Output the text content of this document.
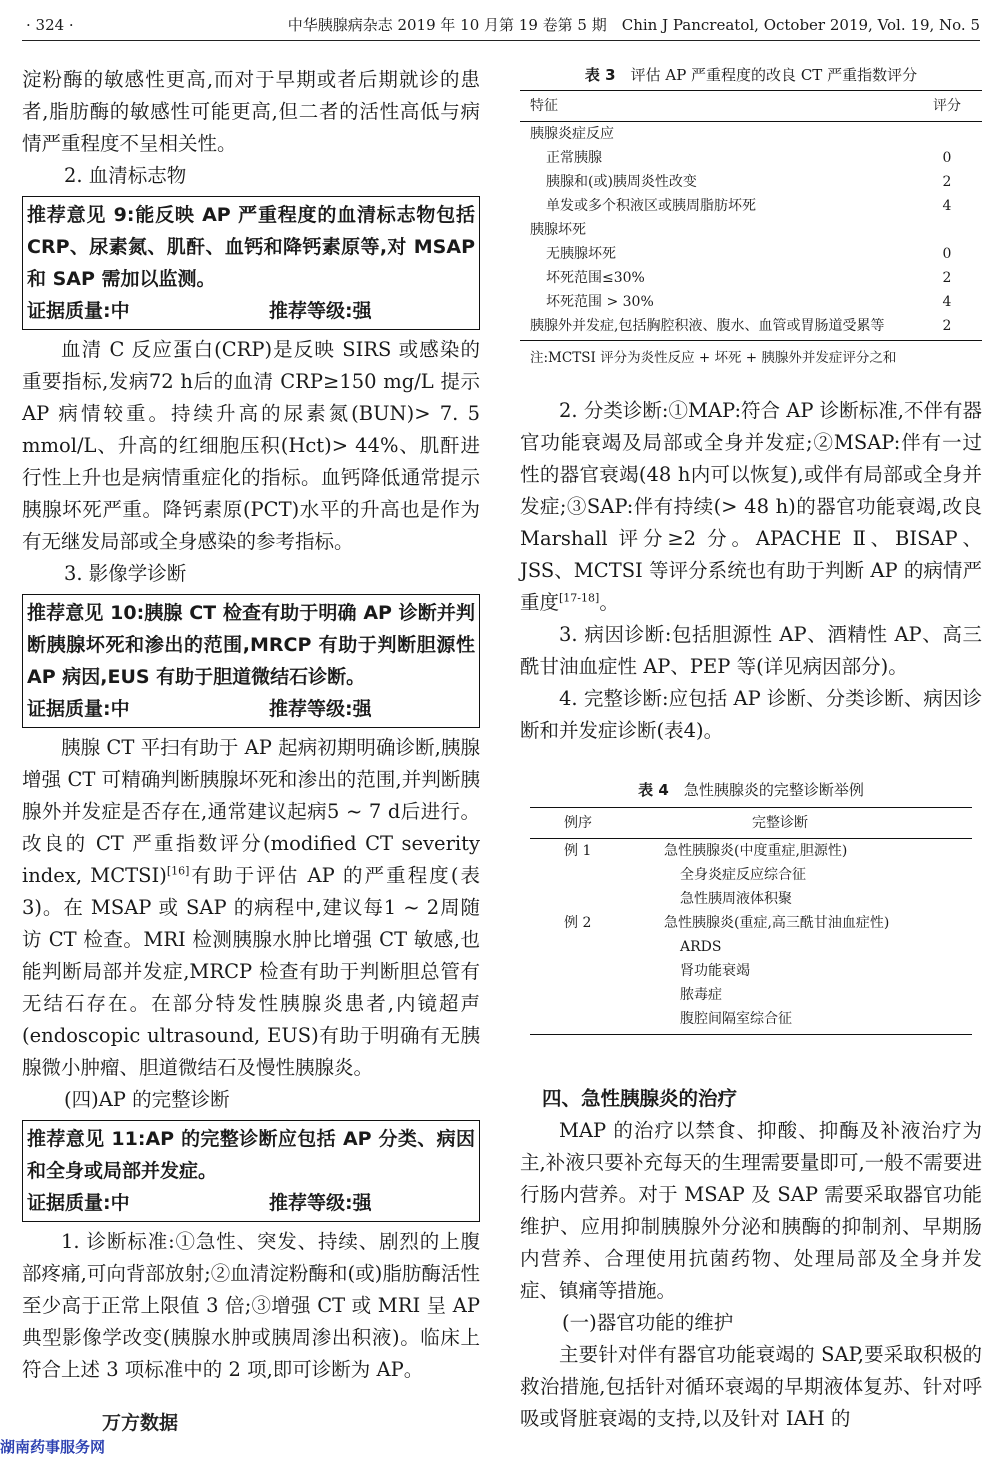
· 324 ·	中华胰腺病杂志 2019 年 10 月第 19 卷第 5 期　Chin J Pancreatol, October 2019, Vol. 19, No. 5

淀粉酶的敏感性更高,而对于早期或者后期就诊的患者,脂肪酶的敏感性可能更高,但二者的活性高低与病情严重程度不呈相关性。

2. 血清标志物

推荐意见 9:能反映 AP 严重程度的血清标志物包括 CRP、尿素氮、肌酐、血钙和降钙素原等,对 MSAP 和 SAP 需加以监测。

证据质量:中	推荐等级:强

血清 C 反应蛋白(CRP)是反映 SIRS 或感染的重要指标,发病72 h后的血清 CRP≥150 mg/L 提示 AP 病情较重。持续升高的尿素氮(BUN)> 7. 5 mmol/L、升高的红细胞压积(Hct)> 44%、肌酐进行性上升也是病情重症化的指标。血钙降低通常提示胰腺坏死严重。降钙素原(PCT)水平的升高也是作为有无继发局部或全身感染的参考指标。

3. 影像学诊断

推荐意见 10:胰腺 CT 检查有助于明确 AP 诊断并判断胰腺坏死和渗出的范围,MRCP 有助于判断胆源性 AP 病因,EUS 有助于胆道微结石诊断。

证据质量:中	推荐等级:强

胰腺 CT 平扫有助于 AP 起病初期明确诊断,胰腺增强 CT 可精确判断胰腺坏死和渗出的范围,并判断胰腺外并发症是否存在,通常建议起病5 ~ 7 d后进行。改良的 CT 严重指数评分(modified CT severity index, MCTSI)[16]有助于评估 AP 的严重程度(表3)。在 MSAP 或 SAP 的病程中,建议每1 ~ 2周随访 CT 检查。MRI 检测胰腺水肿比增强 CT 敏感,也能判断局部并发症,MRCP 检查有助于判断胆总管有无结石存在。在部分特发性胰腺炎患者,内镜超声(endoscopic ultrasound, EUS)有助于明确有无胰腺微小肿瘤、胆道微结石及慢性胰腺炎。

(四)AP 的完整诊断

推荐意见 11:AP 的完整诊断应包括 AP 分类、病因和全身或局部并发症。

证据质量:中	推荐等级:强

1. 诊断标准:①急性、突发、持续、剧烈的上腹部疼痛,可向背部放射;②血清淀粉酶和(或)脂肪酶活性至少高于正常上限值 3 倍;③增强 CT 或 MRI 呈 AP 典型影像学改变(胰腺水肿或胰周渗出积液)。临床上符合上述 3 项标准中的 2 项,即可诊断为 AP。

表 3　 评估 AP 严重程度的改良 CT 严重指数评分

特征	评分
胰腺炎症反应	
正常胰腺	0
胰腺和(或)胰周炎性改变	2
单发或多个积液区或胰周脂肪坏死	4
胰腺坏死	
无胰腺坏死	0
坏死范围≤30%	2
坏死范围 > 30%	4
胰腺外并发症,包括胸腔积液、腹水、血管或胃肠道受累等	2

注:MCTSI 评分为炎性反应 + 坏死 + 胰腺外并发症评分之和

2. 分类诊断:①MAP:符合 AP 诊断标准,不伴有器官功能衰竭及局部或全身并发症;②MSAP:伴有一过性的器官衰竭(48 h内可以恢复),或伴有局部或全身并发症;③SAP:伴有持续(> 48 h)的器官功能衰竭,改良 Marshall 评分≥2 分。APACHE Ⅱ、BISAP、JSS、MCTSI 等评分系统也有助于判断 AP 的病情严重度[17-18]。

3. 病因诊断:包括胆源性 AP、酒精性 AP、高三酰甘油血症性 AP、PEP 等(详见病因部分)。

4. 完整诊断:应包括 AP 诊断、分类诊断、病因诊断和并发症诊断(表4)。

表 4　 急性胰腺炎的完整诊断举例

例序	完整诊断
例 1	急性胰腺炎(中度重症,胆源性)
	全身炎症反应综合征
	急性胰周液体积聚
例 2	急性胰腺炎(重症,高三酰甘油血症性)
	ARDS
	肾功能衰竭
	脓毒症
	腹腔间隔室综合征

四、急性胰腺炎的治疗

MAP 的治疗以禁食、抑酸、抑酶及补液治疗为主,补液只要补充每天的生理需要量即可,一般不需要进行肠内营养。对于 MSAP 及 SAP 需要采取器官功能维护、应用抑制胰腺外分泌和胰酶的抑制剂、早期肠内营养、合理使用抗菌药物、处理局部及全身并发症、镇痛等措施。

(一)器官功能的维护

主要针对伴有器官功能衰竭的 SAP,要采取积极的救治措施,包括针对循环衰竭的早期液体复苏、针对呼吸或肾脏衰竭的支持,以及针对 IAH 的

万方数据
湖南药事服务网
